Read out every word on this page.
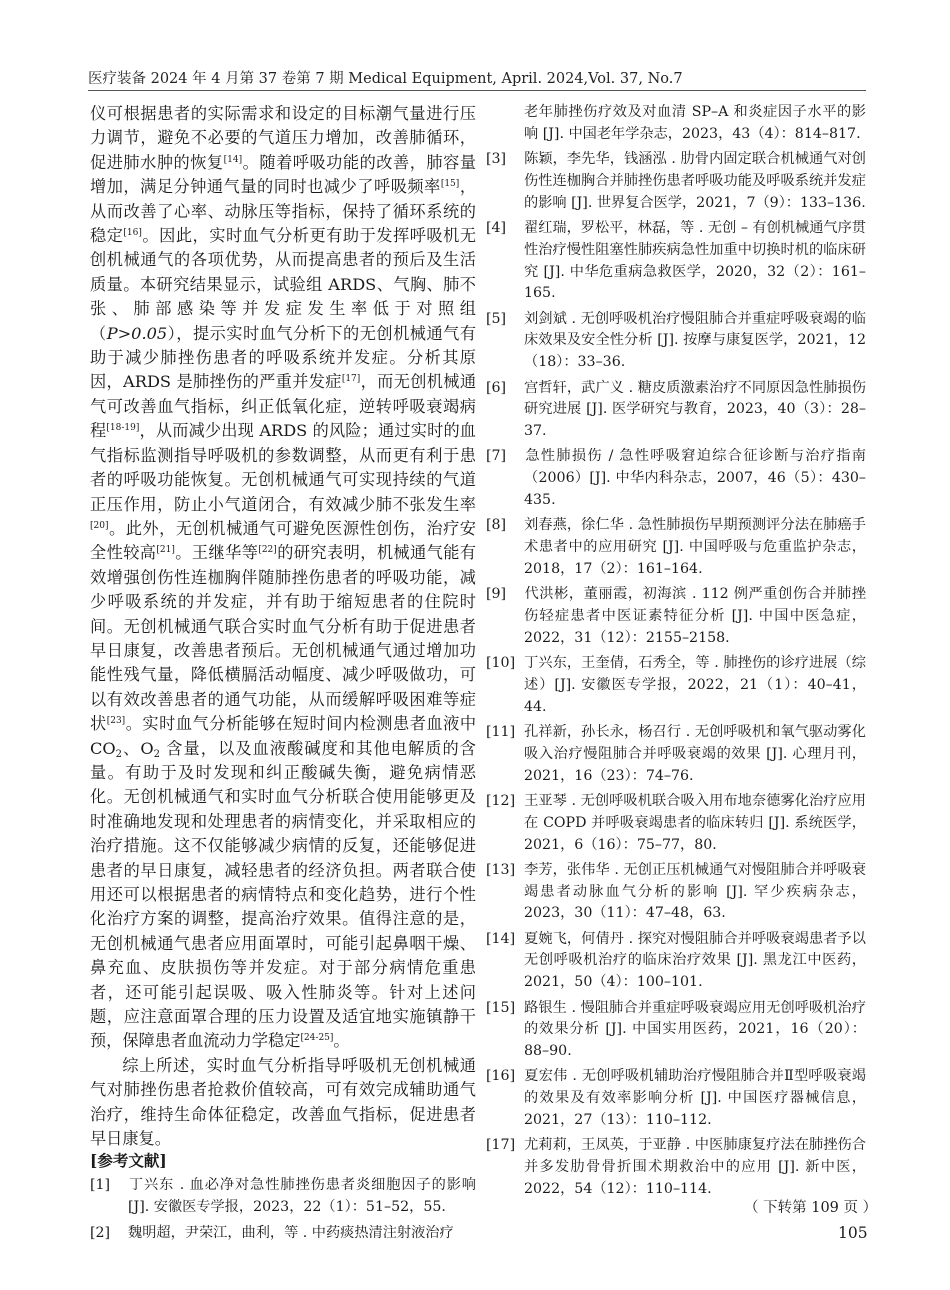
医疗装备 2024 年 4 月第 37 卷第 7 期 Medical Equipment, April. 2024,Vol. 37, No.7

仪可根据患者的实际需求和设定的目标潮气量进行压力调节，避免不必要的气道压力增加，改善肺循环，促进肺水肿的恢复[14]。随着呼吸功能的改善，肺容量增加，满足分钟通气量的同时也减少了呼吸频率[15]，从而改善了心率、动脉压等指标，保持了循环系统的稳定[16]。因此，实时血气分析更有助于发挥呼吸机无创机械通气的各项优势，从而提高患者的预后及生活质量。本研究结果显示，试验组 ARDS、气胸、肺不张、肺部感染等并发症发生率低于对照组（P>0.05），提示实时血气分析下的无创机械通气有助于减少肺挫伤患者的呼吸系统并发症。分析其原因，ARDS 是肺挫伤的严重并发症[17]，而无创机械通气可改善血气指标，纠正低氧化症，逆转呼吸衰竭病程[18-19]，从而减少出现 ARDS 的风险；通过实时的血气指标监测指导呼吸机的参数调整，从而更有利于患者的呼吸功能恢复。无创机械通气可实现持续的气道正压作用，防止小气道闭合，有效减少肺不张发生率[20]。此外，无创机械通气可避免医源性创伤，治疗安全性较高[21]。王继华等[22]的研究表明，机械通气能有效增强创伤性连枷胸伴随肺挫伤患者的呼吸功能，减少呼吸系统的并发症，并有助于缩短患者的住院时间。无创机械通气联合实时血气分析有助于促进患者早日康复，改善患者预后。无创机械通气通过增加功能性残气量，降低横膈活动幅度、减少呼吸做功，可以有效改善患者的通气功能，从而缓解呼吸困难等症状[23]。实时血气分析能够在短时间内检测患者血液中 $CO_2$、$O_2$ 含量，以及血液酸碱度和其他电解质的含量。有助于及时发现和纠正酸碱失衡，避免病情恶化。无创机械通气和实时血气分析联合使用能够更及时准确地发现和处理患者的病情变化，并采取相应的治疗措施。这不仅能够减少病情的反复，还能够促进患者的早日康复，减轻患者的经济负担。两者联合使用还可以根据患者的病情特点和变化趋势，进行个性化治疗方案的调整，提高治疗效果。值得注意的是，无创机械通气患者应用面罩时，可能引起鼻咽干燥、鼻充血、皮肤损伤等并发症。对于部分病情危重患者，还可能引起误吸、吸入性肺炎等。针对上述问题，应注意面罩合理的压力设置及适宜地实施镇静干预，保障患者血流动力学稳定[24-25]。

综上所述，实时血气分析指导呼吸机无创机械通气对肺挫伤患者抢救价值较高，可有效完成辅助通气治疗，维持生命体征稳定，改善血气指标，促进患者早日康复。

[参考文献]
[1] 丁兴东 . 血必净对急性肺挫伤患者炎细胞因子的影响 [J]. 安徽医专学报，2023，22（1）：51–52，55.
[2] 魏明超，尹荣江，曲利，等 . 中药痰热清注射液治疗
老年肺挫伤疗效及对血清 SP–A 和炎症因子水平的影响 [J]. 中国老年学杂志，2023，43（4）：814–817.
[3] 陈颖，李先华，钱涵泓 . 肋骨内固定联合机械通气对创伤性连枷胸合并肺挫伤患者呼吸功能及呼吸系统并发症的影响 [J]. 世界复合医学，2021，7（9）：133–136.
[4] 翟红瑞，罗松平，林磊，等 . 无创 – 有创机械通气序贯性治疗慢性阻塞性肺疾病急性加重中切换时机的临床研究 [J]. 中华危重病急救医学，2020，32（2）：161–165.
[5] 刘剑斌 . 无创呼吸机治疗慢阻肺合并重症呼吸衰竭的临床效果及安全性分析 [J]. 按摩与康复医学，2021，12（18）：33–36.
[6] 宫哲轩，武广义 . 糖皮质激素治疗不同原因急性肺损伤研究进展 [J]. 医学研究与教育，2023，40（3）：28–37.
[7] 急性肺损伤 / 急性呼吸窘迫综合征诊断与治疗指南（2006）[J]. 中华内科杂志，2007，46（5）：430–435.
[8] 刘春燕，徐仁华 . 急性肺损伤早期预测评分法在肺癌手术患者中的应用研究 [J]. 中国呼吸与危重监护杂志，2018，17（2）：161–164.
[9] 代洪彬，董丽霞，初海滨 . 112 例严重创伤合并肺挫伤轻症患者中医证素特征分析 [J]. 中国中医急症，2022，31（12）：2155–2158.
[10] 丁兴东，王奎倩，石秀全，等 . 肺挫伤的诊疗进展（综述）[J]. 安徽医专学报，2022，21（1）：40–41，44.
[11] 孔祥新，孙长永，杨召行 . 无创呼吸机和氧气驱动雾化吸入治疗慢阻肺合并呼吸衰竭的效果 [J]. 心理月刊，2021，16（23）：74–76.
[12] 王亚琴 . 无创呼吸机联合吸入用布地奈德雾化治疗应用在 COPD 并呼吸衰竭患者的临床转归 [J]. 系统医学，2021，6（16）：75–77，80.
[13] 李芳，张伟华 . 无创正压机械通气对慢阻肺合并呼吸衰竭患者动脉血气分析的影响 [J]. 罕少疾病杂志，2023，30（11）：47–48，63.
[14] 夏婉飞，何倩丹 . 探究对慢阻肺合并呼吸衰竭患者予以无创呼吸机治疗的临床治疗效果 [J]. 黑龙江中医药，2021，50（4）：100–101.
[15] 路银生 . 慢阻肺合并重症呼吸衰竭应用无创呼吸机治疗的效果分析 [J]. 中国实用医药，2021，16（20）：88–90.
[16] 夏宏伟 . 无创呼吸机辅助治疗慢阻肺合并Ⅱ型呼吸衰竭的效果及有效率影响分析 [J]. 中国医疗器械信息，2021，27（13）：110–112.
[17] 尤莉莉，王凤英，于亚静 . 中医肺康复疗法在肺挫伤合并多发肋骨骨折围术期救治中的应用 [J]. 新中医，2022，54（12）：110–114.
（ 下转第 109 页 ）
105
